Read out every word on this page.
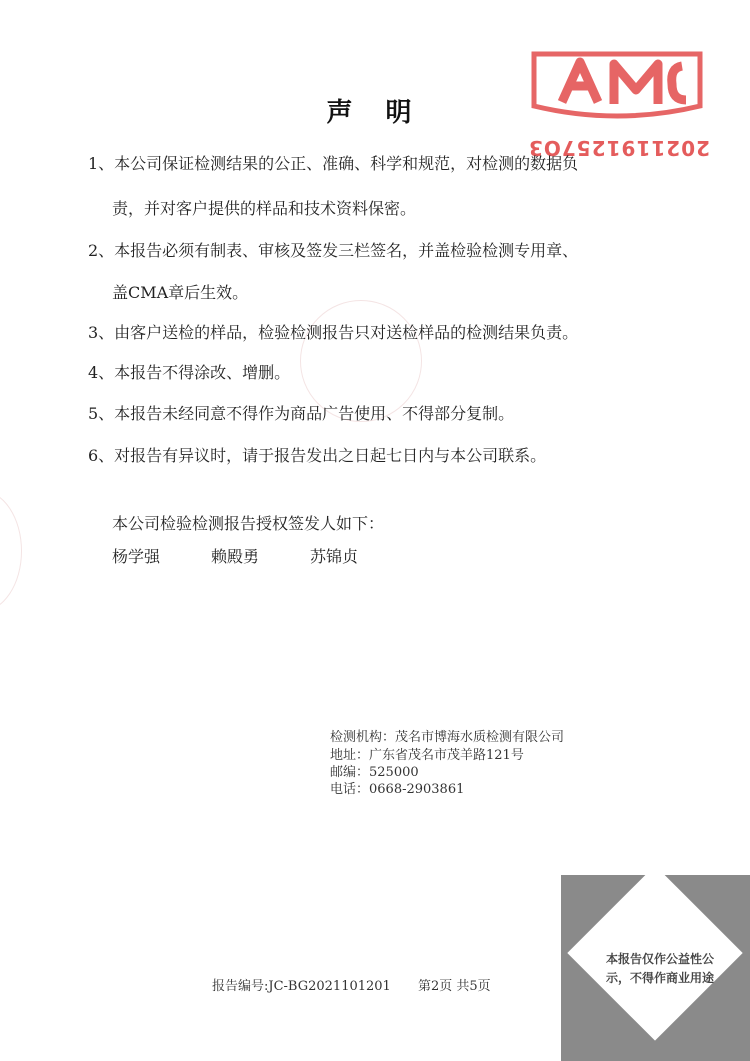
2021191257O3
声 明
1、本公司保证检测结果的公正、准确、科学和规范，对检测的数据负
责，并对客户提供的样品和技术资料保密。
2、本报告必须有制表、审核及签发三栏签名，并盖检验检测专用章、
盖CMA章后生效。
3、由客户送检的样品，检验检测报告只对送检样品的检测结果负责。
4、本报告不得涂改、增删。
5、本报告未经同意不得作为商品广告使用、不得部分复制。
6、对报告有异议时，请于报告发出之日起七日内与本公司联系。
本公司检验检测报告授权签发人如下：
杨学强	赖殿勇	苏锦贞
检测机构：茂名市博海水质检测有限公司
地址：广东省茂名市茂羊路121号
邮编：525000
电话：0668-2903861
报告编号:JC-BG2021101201 第2页 共5页
本报告仅作公益性公
示，不得作商业用途
